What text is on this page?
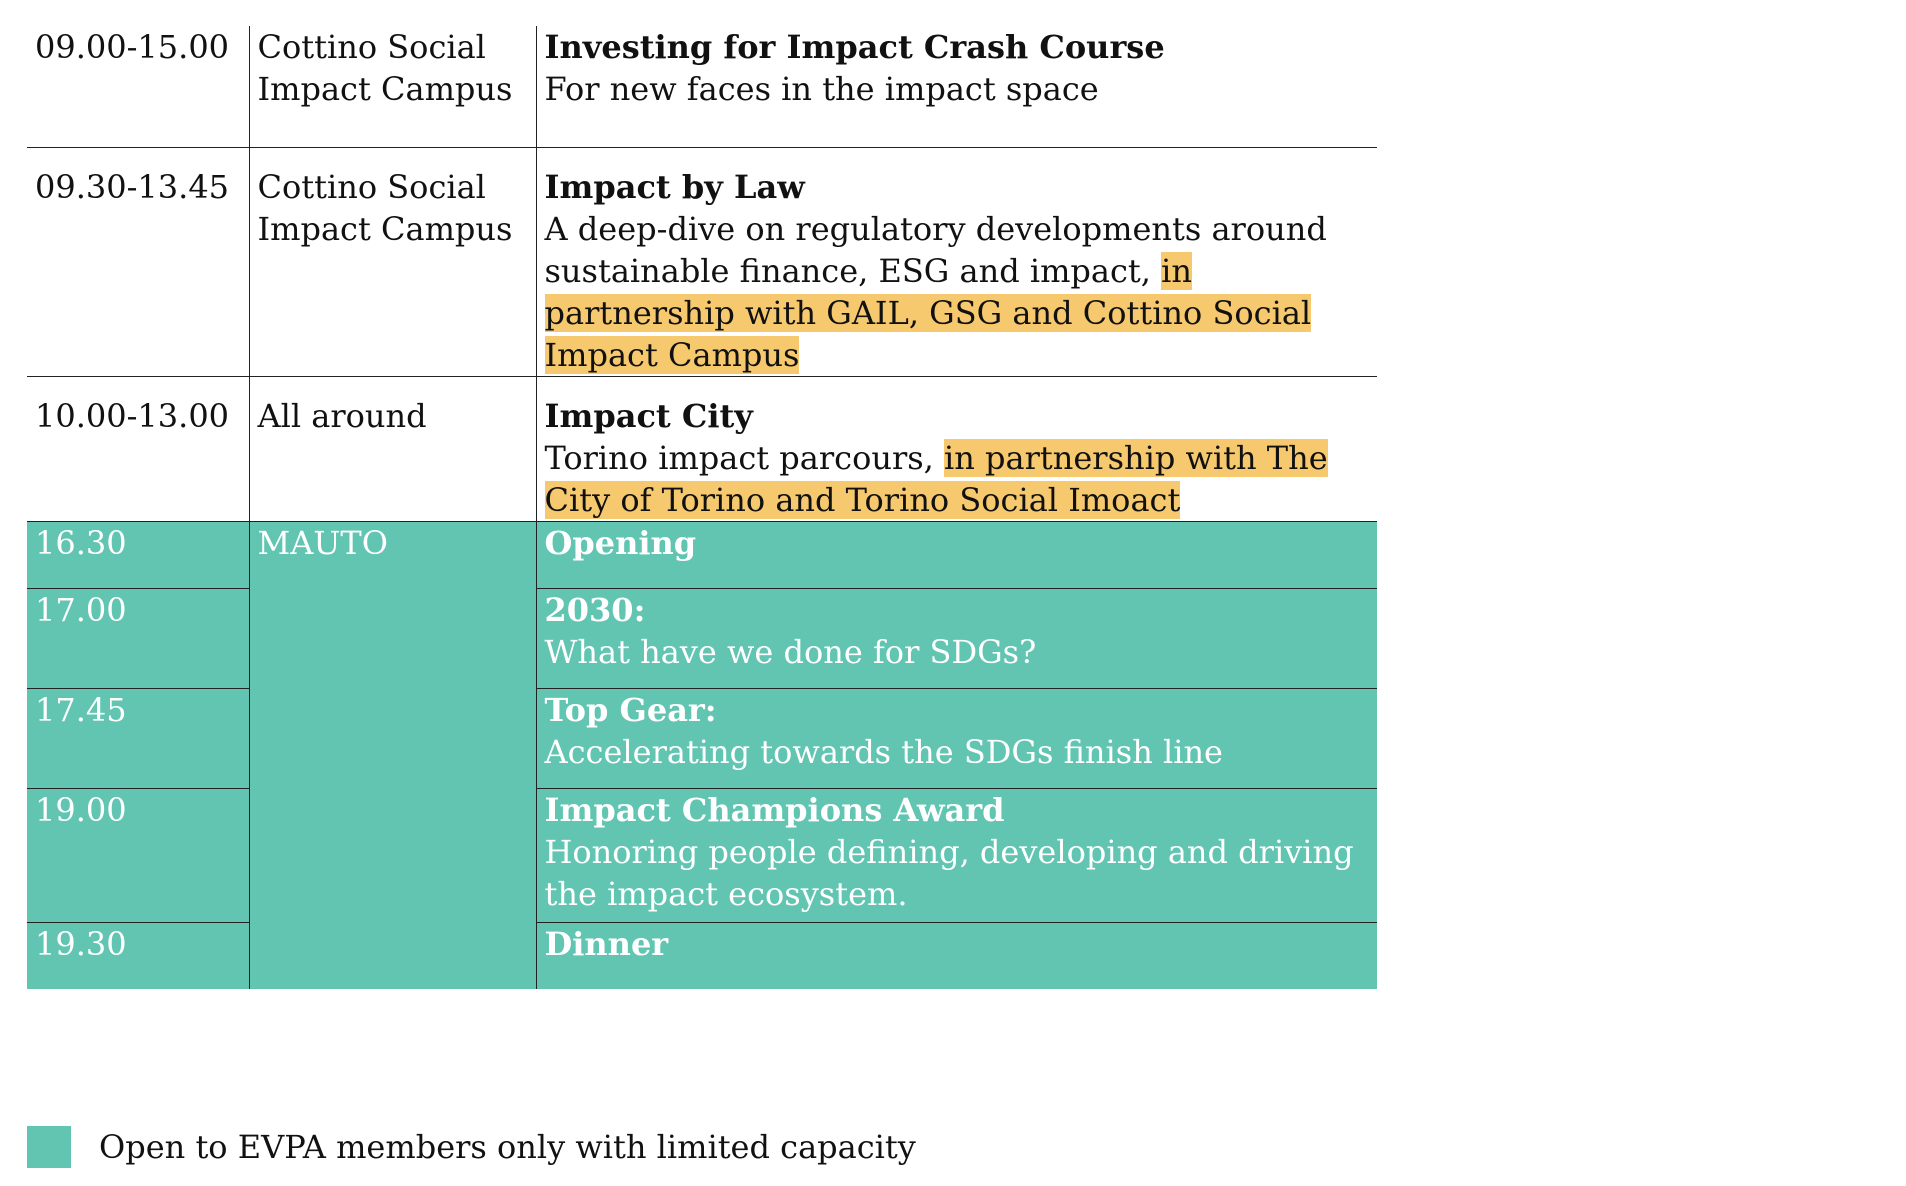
09.00-15.00	Cottino Social Impact Campus	Investing for Impact Crash Course
For new faces in the impact space
09.30-13.45	Cottino Social Impact Campus	Impact by Law
A deep-dive on regulatory developments around sustainable finance, ESG and impact, in partnership with GAIL, GSG and Cottino Social Impact Campus
10.00-13.00	All around	Impact City
Torino impact parcours, in partnership with The City of Torino and Torino Social Imoact
16.30	MAUTO	Opening

17.00		2030:
What have we done for SDGs?
17.45		Top Gear:
Accelerating towards the SDGs finish line
19.00		Impact Champions Award
Honoring people defining, developing and driving the impact ecosystem.
19.30		Dinner
Open to EVPA members only with limited capacity
